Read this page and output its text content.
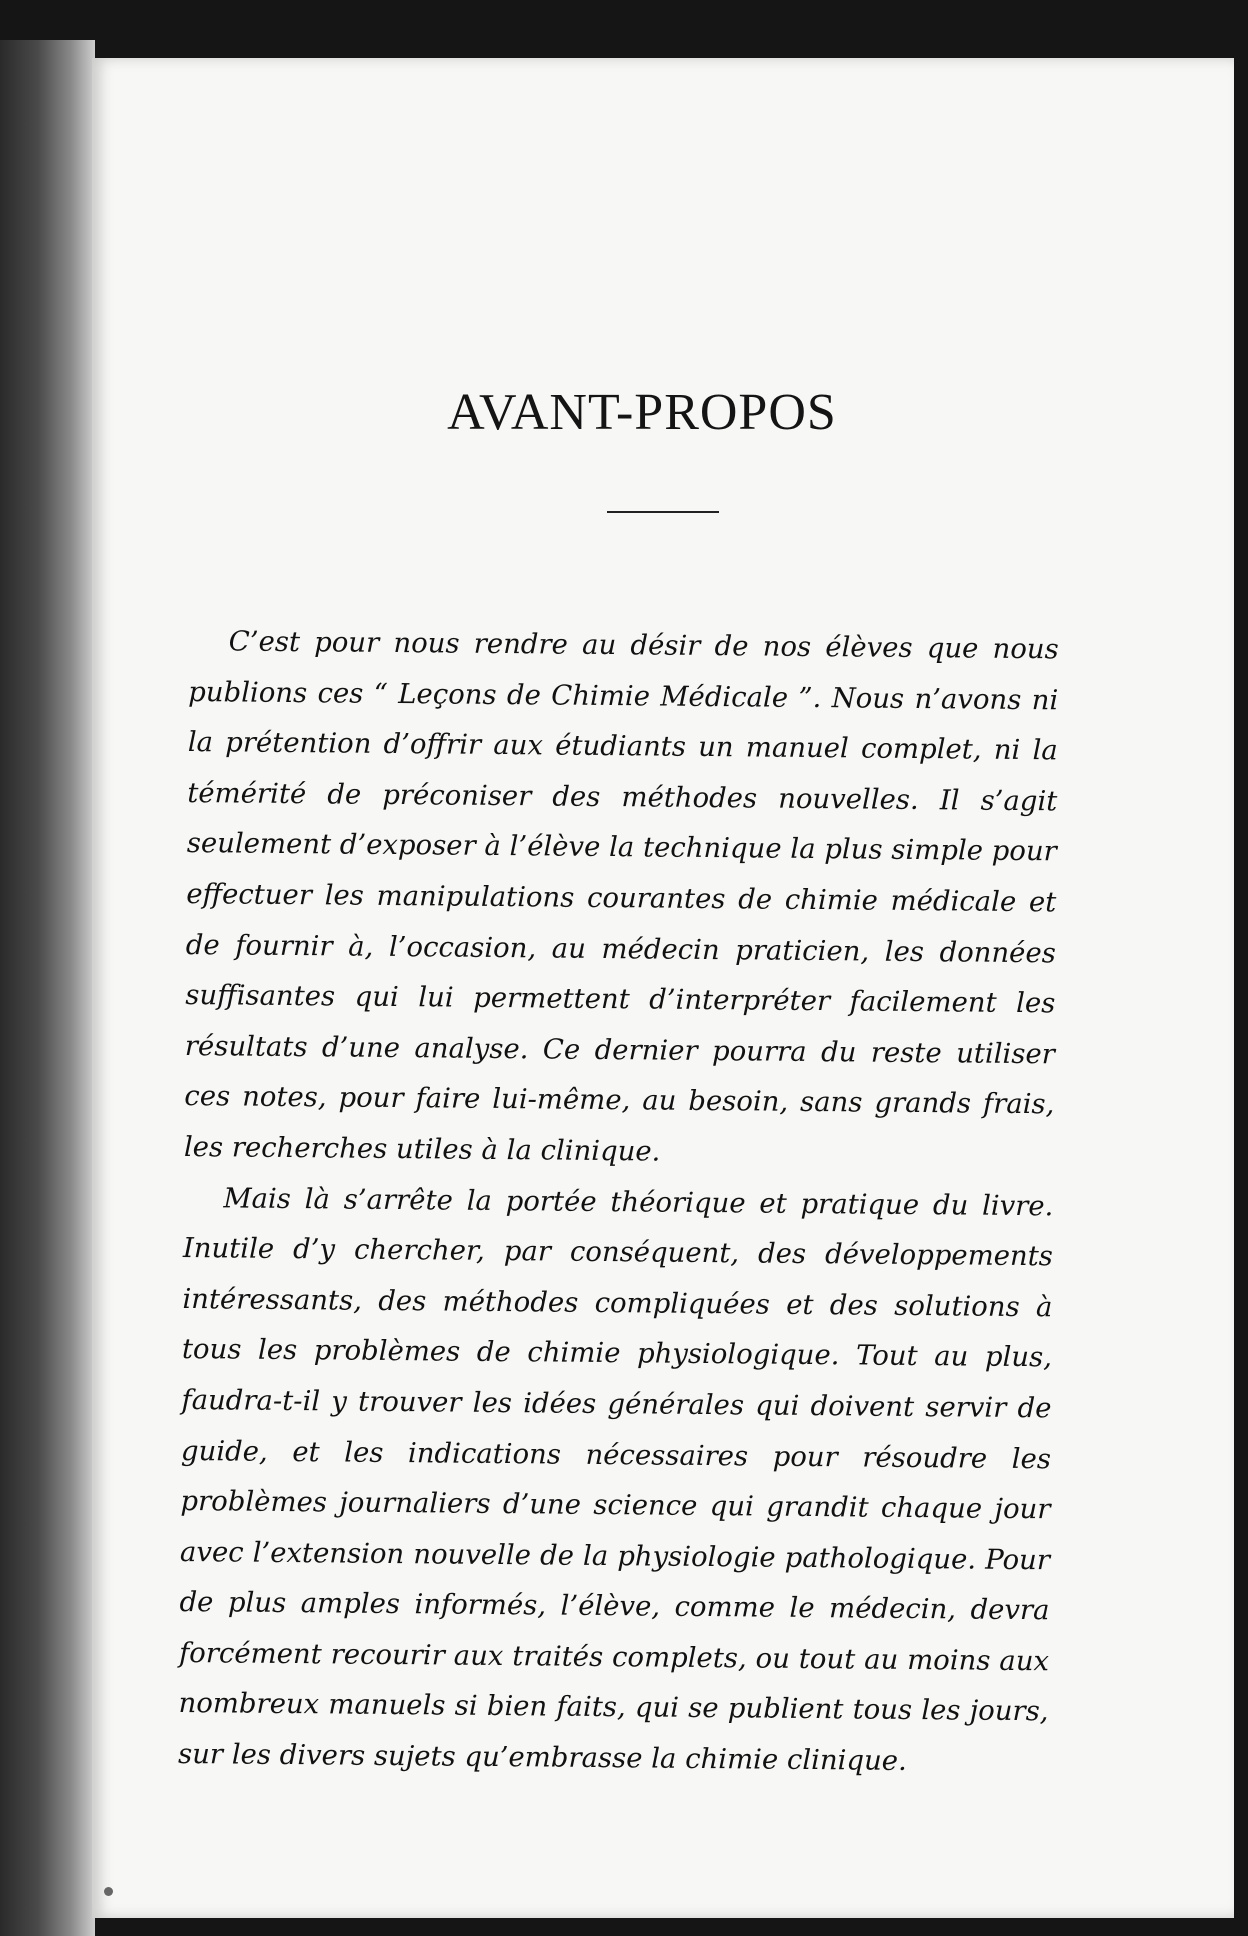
AVANT-PROPOS

C’est pour nous rendre au désir de nos élèves que nous publions ces “ Leçons de Chimie Médicale ”. Nous n’avons ni la prétention d’offrir aux étudiants un manuel complet, ni la témérité de préconiser des méthodes nouvelles. Il s’agit seulement d’exposer à l’élève la technique la plus simple pour effectuer les manipulations courantes de chimie médicale et de fournir à, l’occasion, au médecin praticien, les données suffisantes qui lui permettent d’interpréter facilement les résultats d’une analyse. Ce dernier pourra du reste utiliser ces notes, pour faire lui-même, au besoin, sans grands frais, les recherches utiles à la clinique.

Mais là s’arrête la portée théorique et pratique du livre. Inutile d’y chercher, par conséquent, des développements intéressants, des méthodes compliquées et des solutions à tous les problèmes de chimie physiologique. Tout au plus, faudra-t-il y trouver les idées générales qui doivent servir de guide, et les indications nécessaires pour résoudre les problèmes journaliers d’une science qui grandit chaque jour avec l’extension nouvelle de la physiologie pathologique. Pour de plus amples informés, l’élève, comme le médecin, devra forcément recourir aux traités complets, ou tout au moins aux nombreux manuels si bien faits, qui se publient tous les jours, sur les divers sujets qu’embrasse la chimie clinique.
